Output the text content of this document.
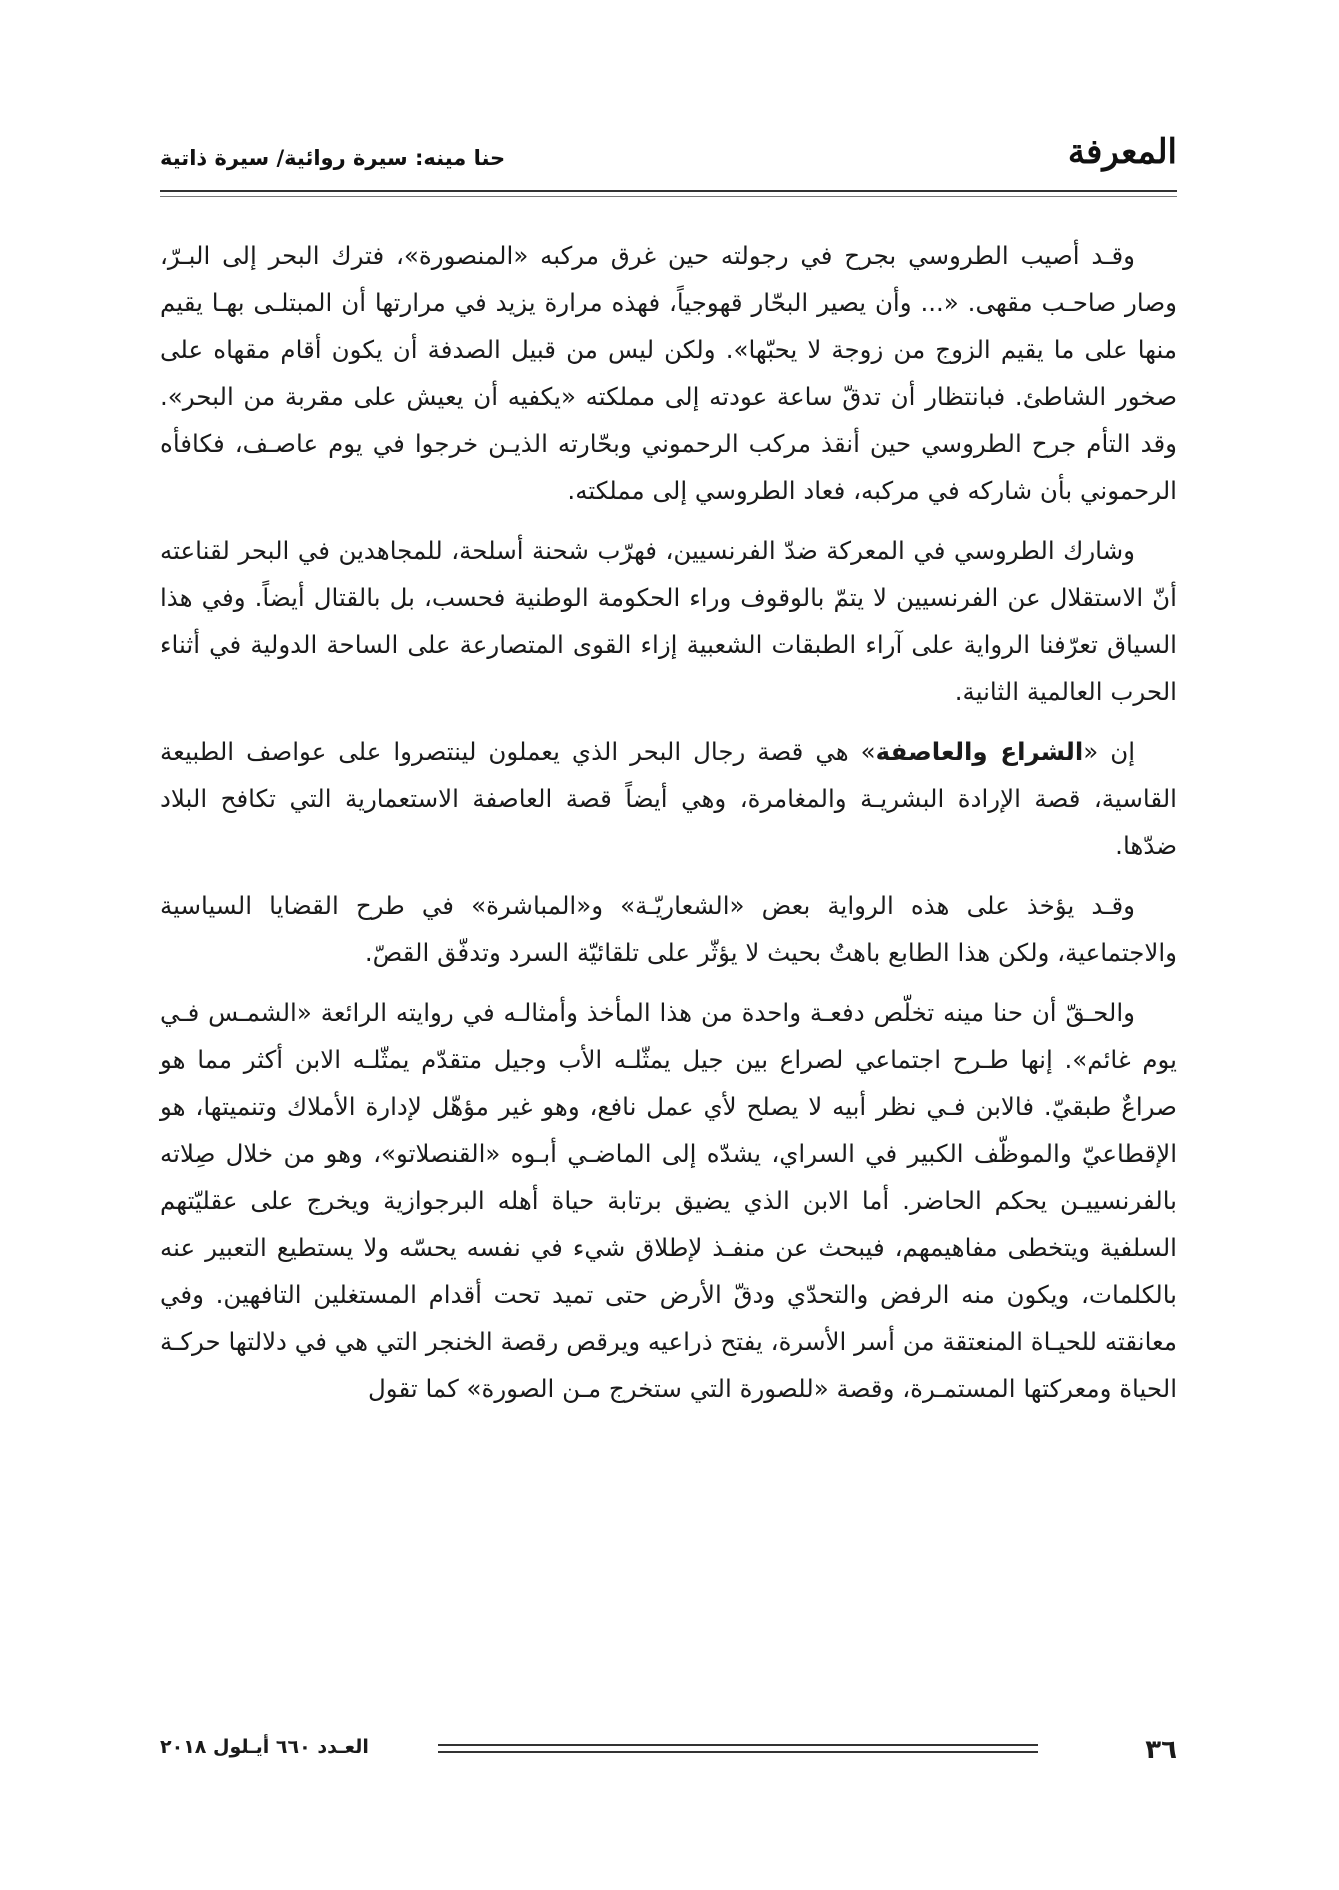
المعرفة
حنا مينه: سيرة روائية/ سيرة ذاتية

وقـد أصيب الطروسي بجرح في رجولته حين غرق مركبه «المنصورة»، فترك البحر إلى البـرّ، وصار صاحـب مقهى. «... وأن يصير البحّار قهوجياً، فهذه مرارة يزيد في مرارتها أن المبتلـى بهـا يقيم منها على ما يقيم الزوج من زوجة لا يحبّها». ولكن ليس من قبيل الصدفة أن يكون أقام مقهاه على صخور الشاطئ. فبانتظار أن تدقّ ساعة عودته إلى مملكته «يكفيه أن يعيش على مقربة من البحر». وقد التأم جرح الطروسي حين أنقذ مركب الرحموني وبحّارته الذيـن خرجوا في يوم عاصـف، فكافأه الرحموني بأن شاركه في مركبه، فعاد الطروسي إلى مملكته.

وشارك الطروسي في المعركة ضدّ الفرنسيين، فهرّب شحنة أسلحة، للمجاهدين في البحر لقناعته أنّ الاستقلال عن الفرنسيين لا يتمّ بالوقوف وراء الحكومة الوطنية فحسب، بل بالقتال أيضاً. وفي هذا السياق تعرّفنا الرواية على آراء الطبقات الشعبية إزاء القوى المتصارعة على الساحة الدولية في أثناء الحرب العالمية الثانية.

إن «الشراع والعاصفة» هي قصة رجال البحر الذي يعملون لينتصروا على عواصف الطبيعة القاسية، قصة الإرادة البشريـة والمغامرة، وهي أيضاً قصة العاصفة الاستعمارية التي تكافح البلاد ضدّها.

وقـد يؤخذ على هذه الرواية بعض «الشعاريّـة» و«المباشرة» في طرح القضايا السياسية والاجتماعية، ولكن هذا الطابع باهتٌ بحيث لا يؤثّر على تلقائيّة السرد وتدفّق القصّ.

والحـقّ أن حنا مينه تخلّص دفعـة واحدة من هذا المأخذ وأمثالـه في روايته الرائعة «الشمـس فـي يوم غائم». إنها طـرح اجتماعي لصراع بين جيل يمثّلـه الأب وجيل متقدّم يمثّلـه الابن أكثر مما هو صراعٌ طبقيّ. فالابن فـي نظر أبيه لا يصلح لأي عمل نافع، وهو غير مؤهّل لإدارة الأملاك وتنميتها، هو الإقطاعيّ والموظّف الكبير في السراي، يشدّه إلى الماضـي أبـوه «القنصلاتو»، وهو من خلال صِلاته بالفرنسييـن يحكم الحاضر. أما الابن الذي يضيق برتابة حياة أهله البرجوازية ويخرج على عقليّتهم السلفية ويتخطى مفاهيمهم، فيبحث عن منفـذ لإطلاق شيء في نفسه يحسّه ولا يستطيع التعبير عنه بالكلمات، ويكون منه الرفض والتحدّي ودقّ الأرض حتى تميد تحت أقدام المستغلين التافهين. وفي معانقته للحيـاة المنعتقة من أسر الأسرة، يفتح ذراعيه ويرقص رقصة الخنجر التي هي في دلالتها حركـة الحياة ومعركتها المستمـرة، وقصة «للصورة التي ستخرج مـن الصورة» كما تقول

٣٦
العـدد ٦٦٠ أيـلول ٢٠١٨
